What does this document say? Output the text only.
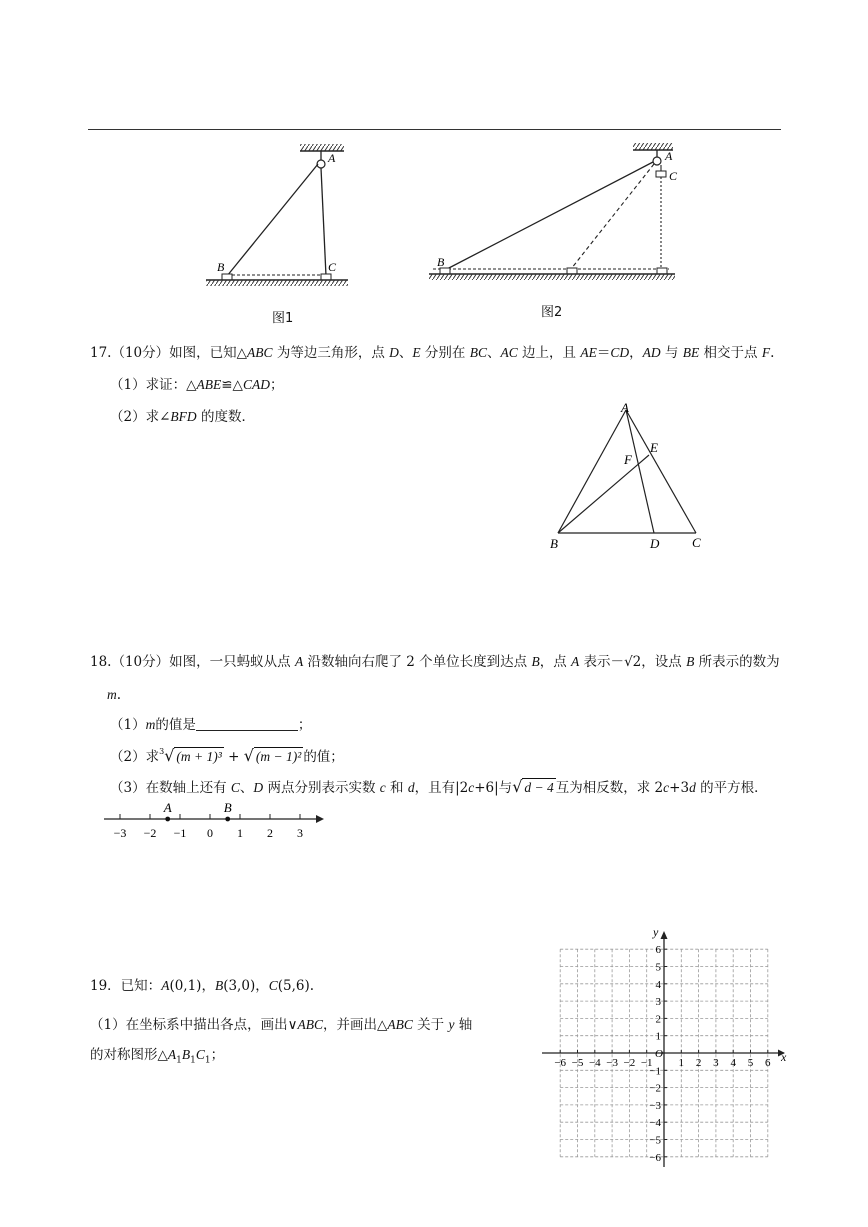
A
B	C
图1
A
C
B
图2
17.（10分）如图，已知△ABC 为等边三角形，点 D、E 分别在 BC、AC 边上，且 AE＝CD，AD 与 BE 相交于点 F.
（1）求证：△ABE≌△CAD；
（2）求∠BFD 的度数．
A
E
F
B	D	C
18.（10分）如图，一只蚂蚁从点 A 沿数轴向右爬了 2 个单位长度到达点 B，点 A 表示－√2，设点 B 所表示的数为
m.
（1）m的值是	；
（2）求$^3$√ (m + 1)³ + √ (m − 1)² 的值；
（3）在数轴上还有 C、D 两点分别表示实数 c 和 d，且有|2c+6|与√ d − 4 互为相反数，求 2c+3d 的平方根．
−3 −2 −1 0 1 2 3
A	B
19．已知：A(0,1)，B(3,0)，C(5,6).
（1）在坐标系中描出各点，画出∨ABC，并画出△ABC 关于 y 轴
的对称图形$\triangle A_1B_1C_1$；	−6 −5 −4 −3 −2 −1 1 2 3 4 5 6
6
5
4
3
2
1
−1
−2
−3
−4
−5
−6
O	x
y
